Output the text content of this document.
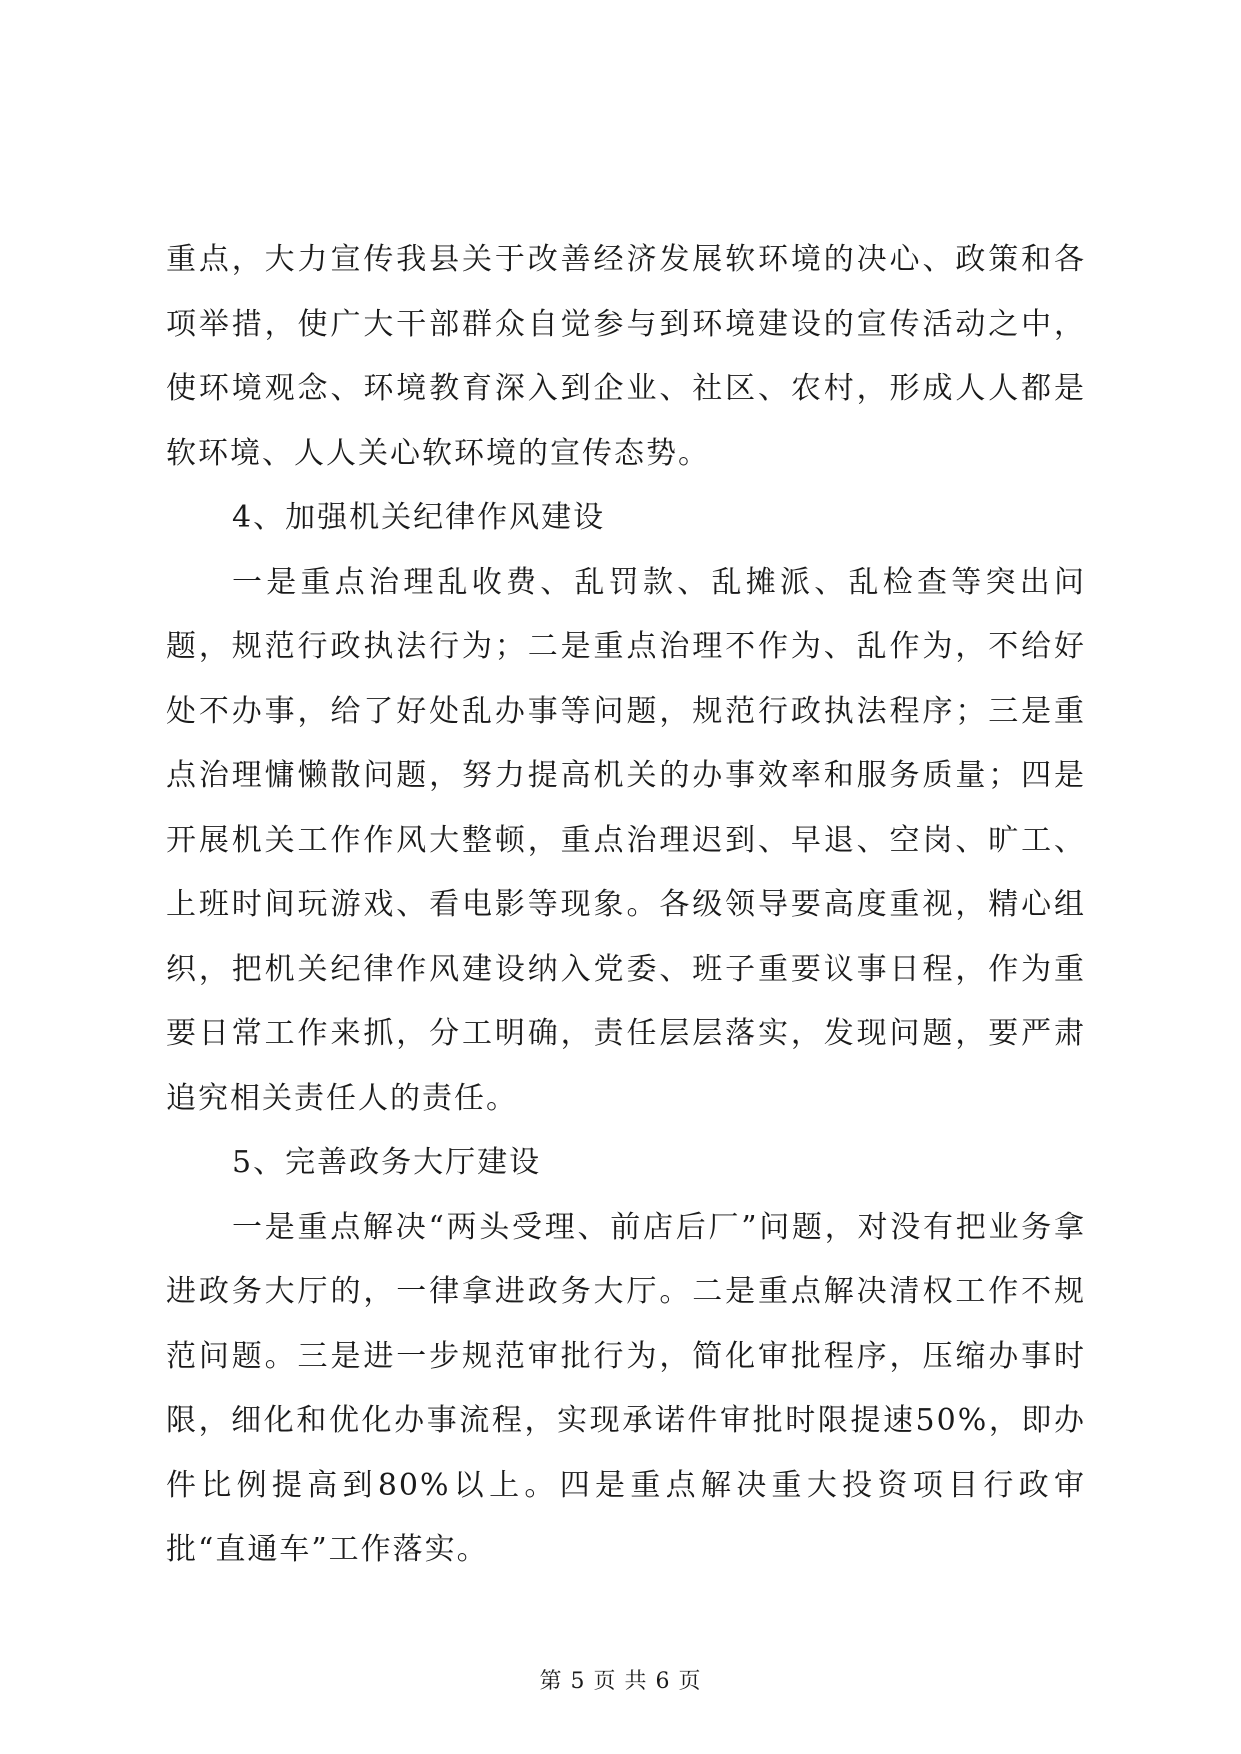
重点，大力宣传我县关于改善经济发展软环境的决心、政策和各项举措，使广大干部群众自觉参与到环境建设的宣传活动之中，使环境观念、环境教育深入到企业、社区、农村，形成人人都是软环境、人人关心软环境的宣传态势。

4、加强机关纪律作风建设

一是重点治理乱收费、乱罚款、乱摊派、乱检查等突出问题，规范行政执法行为；二是重点治理不作为、乱作为，不给好处不办事，给了好处乱办事等问题，规范行政执法程序；三是重点治理慵懒散问题，努力提高机关的办事效率和服务质量；四是开展机关工作作风大整顿，重点治理迟到、早退、空岗、旷工、上班时间玩游戏、看电影等现象。各级领导要高度重视，精心组织，把机关纪律作风建设纳入党委、班子重要议事日程，作为重要日常工作来抓，分工明确，责任层层落实，发现问题，要严肃追究相关责任人的责任。

5、完善政务大厅建设

一是重点解决“两头受理、前店后厂”问题，对没有把业务拿进政务大厅的，一律拿进政务大厅。二是重点解决清权工作不规范问题。三是进一步规范审批行为，简化审批程序，压缩办事时限，细化和优化办事流程，实现承诺件审批时限提速50%，即办件比例提高到80%以上。四是重点解决重大投资项目行政审批“直通车”工作落实。

第 5 页 共 6 页
